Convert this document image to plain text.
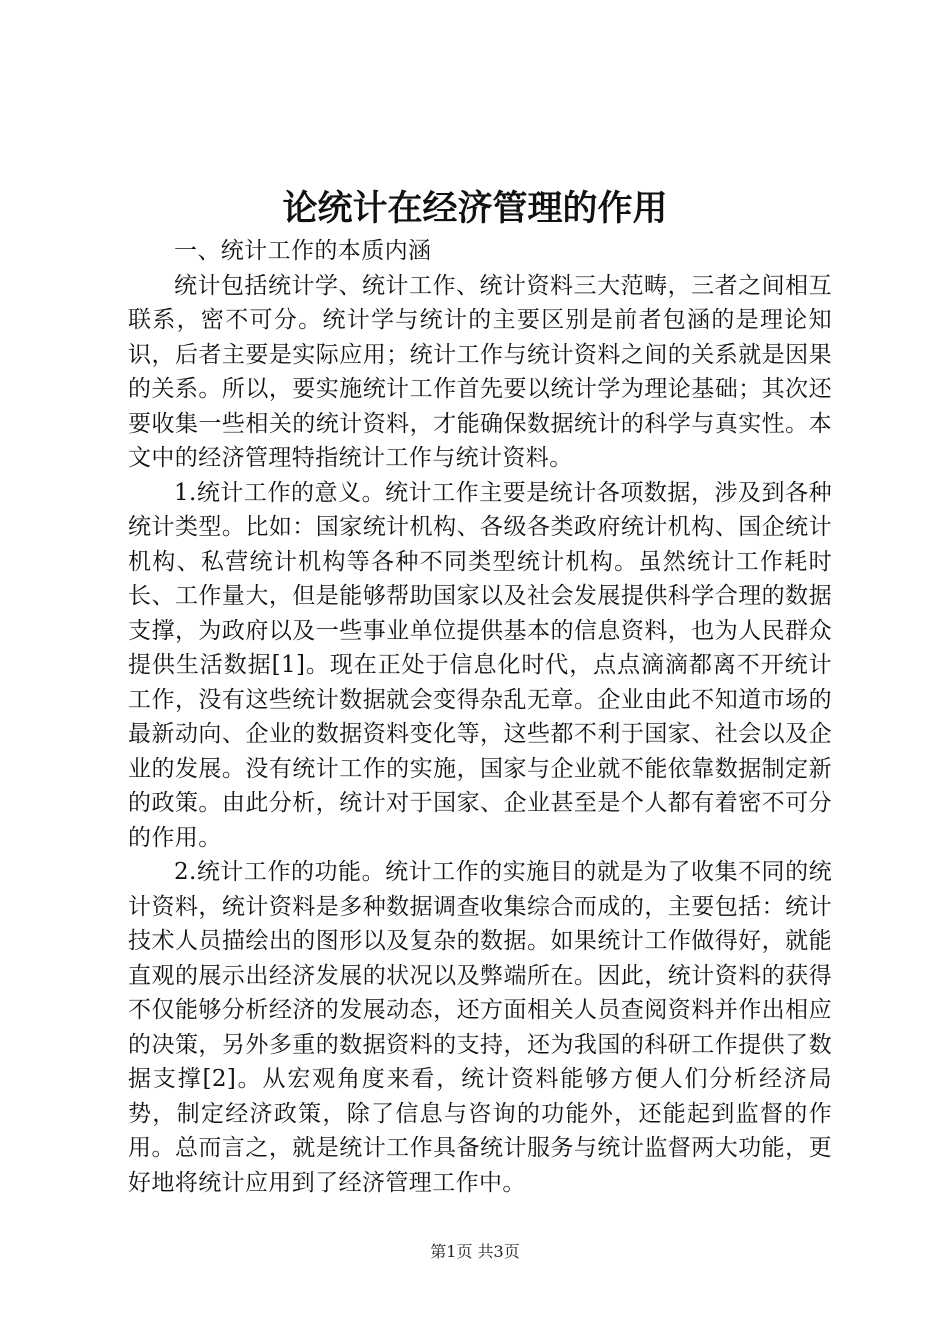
论统计在经济管理的作用

一、统计工作的本质内涵

统计包括统计学、统计工作、统计资料三大范畴，三者之间相互联系，密不可分。统计学与统计的主要区别是前者包涵的是理论知识，后者主要是实际应用；统计工作与统计资料之间的关系就是因果的关系。所以，要实施统计工作首先要以统计学为理论基础；其次还要收集一些相关的统计资料，才能确保数据统计的科学与真实性。本文中的经济管理特指统计工作与统计资料。

1.统计工作的意义。统计工作主要是统计各项数据，涉及到各种统计类型。比如：国家统计机构、各级各类政府统计机构、国企统计机构、私营统计机构等各种不同类型统计机构。虽然统计工作耗时长、工作量大，但是能够帮助国家以及社会发展提供科学合理的数据支撑，为政府以及一些事业单位提供基本的信息资料，也为人民群众提供生活数据[1]。现在正处于信息化时代，点点滴滴都离不开统计工作，没有这些统计数据就会变得杂乱无章。企业由此不知道市场的最新动向、企业的数据资料变化等，这些都不利于国家、社会以及企业的发展。没有统计工作的实施，国家与企业就不能依靠数据制定新的政策。由此分析，统计对于国家、企业甚至是个人都有着密不可分的作用。

2.统计工作的功能。统计工作的实施目的就是为了收集不同的统计资料，统计资料是多种数据调查收集综合而成的，主要包括：统计技术人员描绘出的图形以及复杂的数据。如果统计工作做得好，就能直观的展示出经济发展的状况以及弊端所在。因此，统计资料的获得不仅能够分析经济的发展动态，还方面相关人员查阅资料并作出相应的决策，另外多重的数据资料的支持，还为我国的科研工作提供了数据支撑[2]。从宏观角度来看，统计资料能够方便人们分析经济局势，制定经济政策，除了信息与咨询的功能外，还能起到监督的作用。总而言之，就是统计工作具备统计服务与统计监督两大功能，更好地将统计应用到了经济管理工作中。

第1页 共3页
